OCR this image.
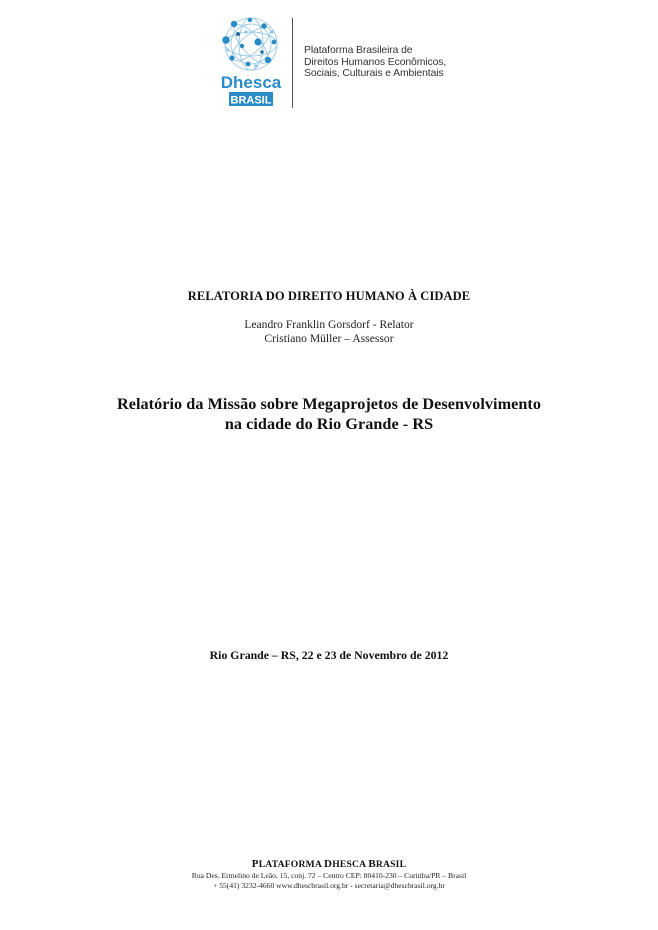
Dhesca
BRASIL
Plataforma Brasileira de
Direitos Humanos Econômicos,
Sociais, Culturais e Ambientais
RELATORIA DO DIREITO HUMANO À CIDADE
Leandro Franklin Gorsdorf - Relator
Cristiano Müller – Assessor
Relatório da Missão sobre Megaprojetos de Desenvolvimento
na cidade do Rio Grande - RS
Rio Grande – RS, 22 e 23 de Novembro de 2012
PLATAFORMA DHESCA BRASIL
Rua Des. Ermelino de Leão, 15, conj. 72 – Centro CEP: 80410-230 – Curitiba/PR – Brasil
+ 55(41) 3232-4660 www.dhescbrasil.org.br - secretaria@dhescbrasil.org.br
